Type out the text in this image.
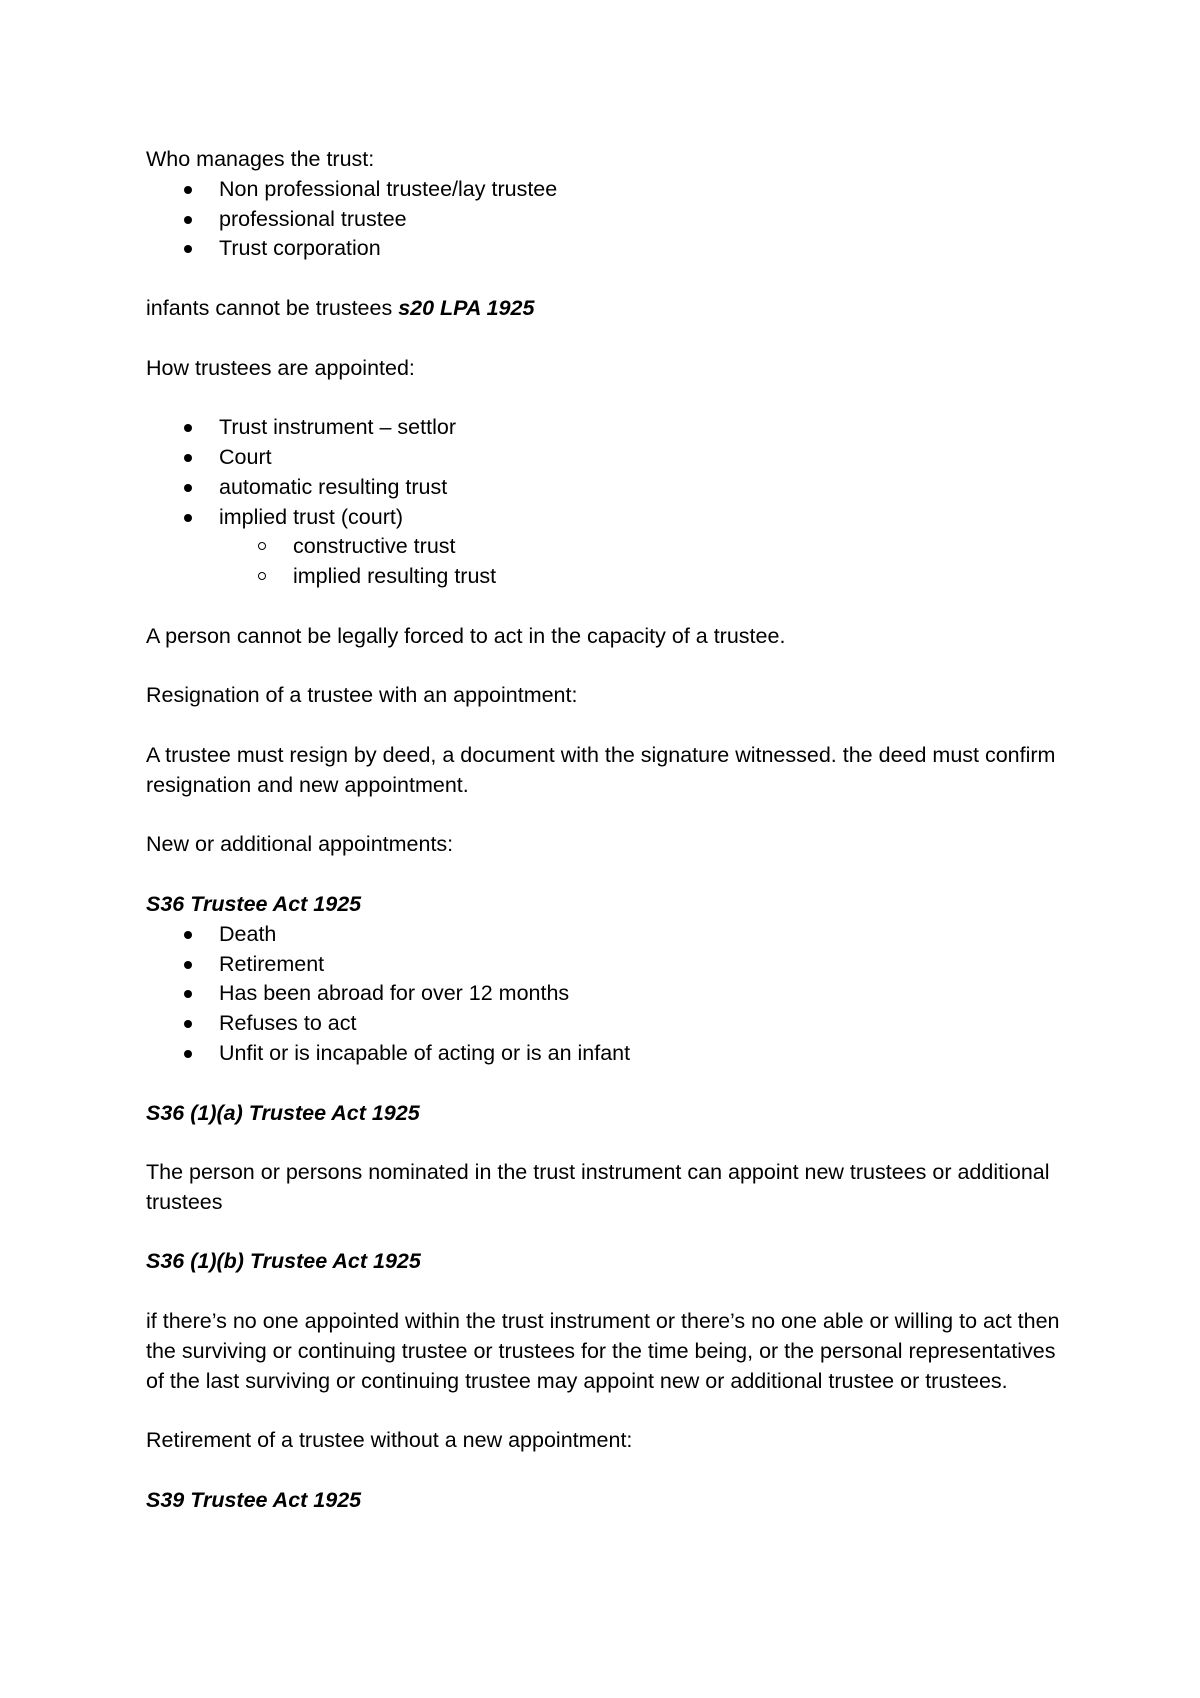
Who manages the trust:

Non professional trustee/lay trustee
professional trustee
Trust corporation

infants cannot be trustees s20 LPA 1925

How trustees are appointed:

Trust instrument – settlor
Court
automatic resulting trust
implied trust (court)
constructive trust
implied resulting trust

A person cannot be legally forced to act in the capacity of a trustee.

Resignation of a trustee with an appointment:

A trustee must resign by deed, a document with the signature witnessed. the deed must confirm resignation and new appointment.

New or additional appointments:

S36 Trustee Act 1925

Death
Retirement
Has been abroad for over 12 months
Refuses to act
Unfit or is incapable of acting or is an infant

S36 (1)(a) Trustee Act 1925

The person or persons nominated in the trust instrument can appoint new trustees or additional trustees

S36 (1)(b) Trustee Act 1925

if there’s no one appointed within the trust instrument or there’s no one able or willing to act then the surviving or continuing trustee or trustees for the time being, or the personal representatives of the last surviving or continuing trustee may appoint new or additional trustee or trustees.

Retirement of a trustee without a new appointment:

S39 Trustee Act 1925
